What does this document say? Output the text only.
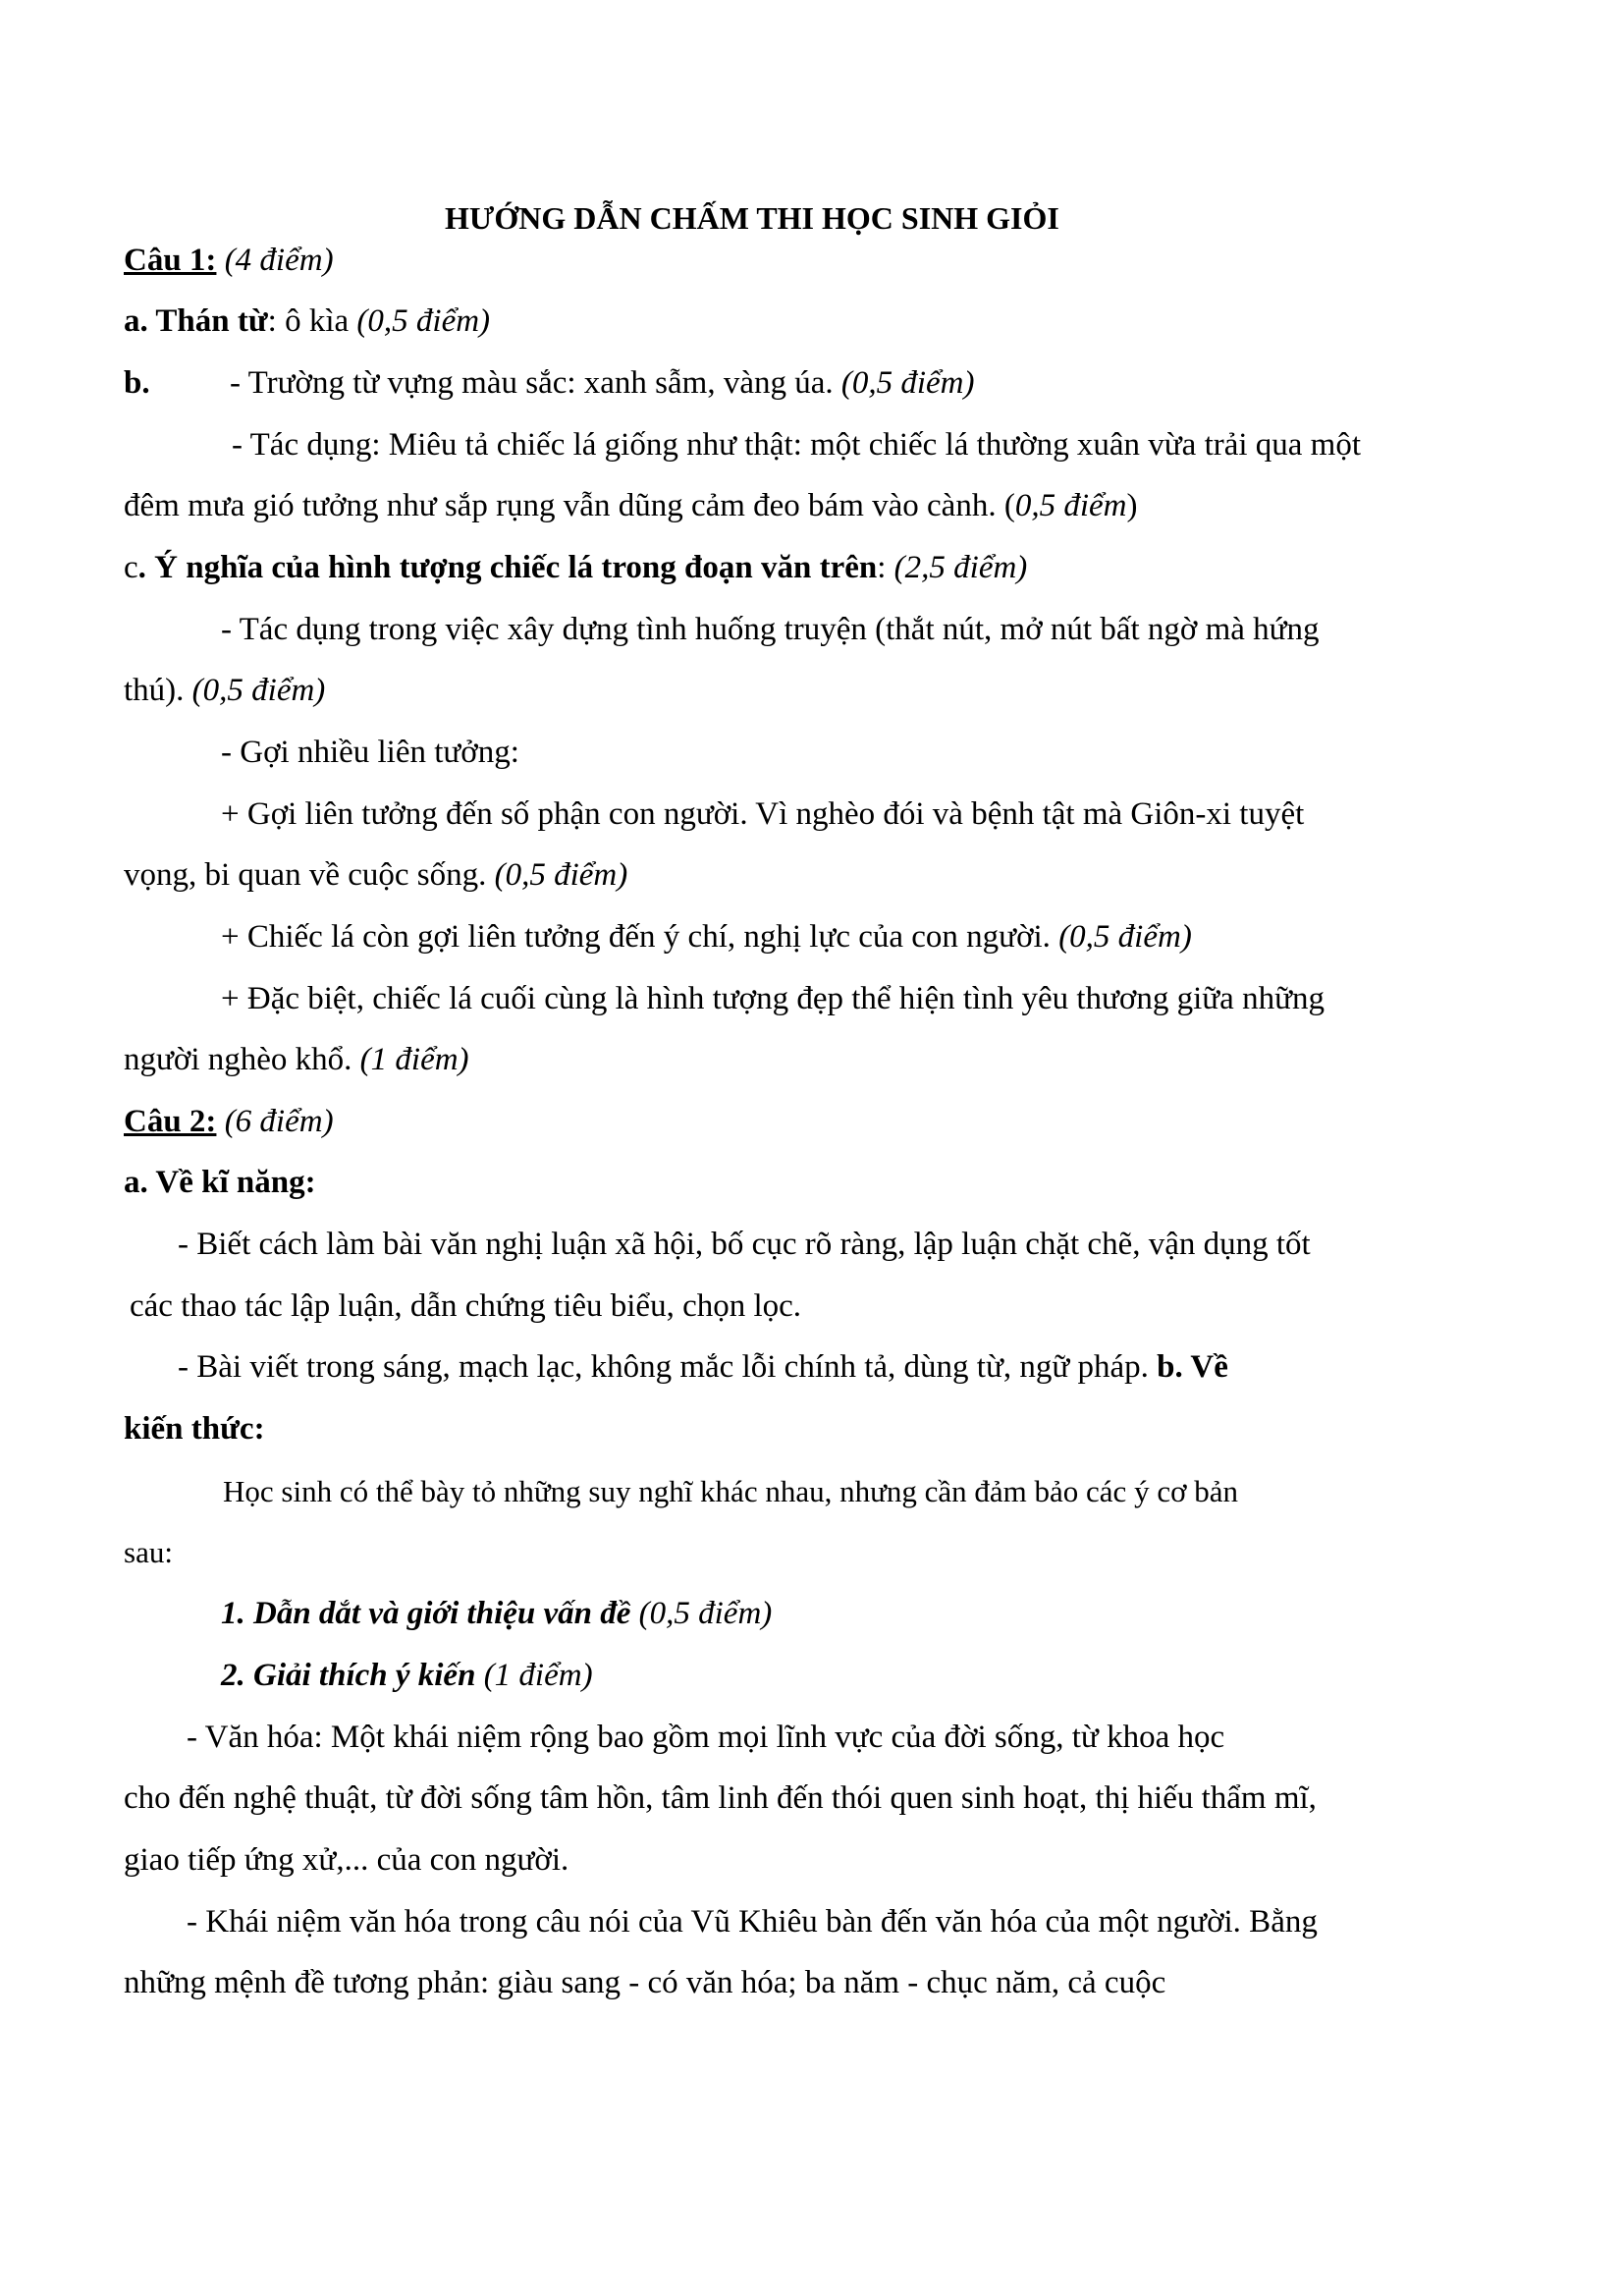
HƯỚNG DẪN CHẤM THI HỌC SINH GIỎI
Câu 1: (4 điểm)
a. Thán từ: ô kìa (0,5 điểm)
b. - Trường từ vựng màu sắc: xanh sẫm, vàng úa. (0,5 điểm)
- Tác dụng: Miêu tả chiếc lá giống như thật: một chiếc lá thường xuân vừa trải qua một
đêm mưa gió tưởng như sắp rụng vẫn dũng cảm đeo bám vào cành. (0,5 điểm)
c. Ý nghĩa của hình tượng chiếc lá trong đoạn văn trên: (2,5 điểm)
- Tác dụng trong việc xây dựng tình huống truyện (thắt nút, mở nút bất ngờ mà hứng
thú). (0,5 điểm)
- Gợi nhiều liên tưởng:
+ Gợi liên tưởng đến số phận con người. Vì nghèo đói và bệnh tật mà Giôn-xi tuyệt
vọng, bi quan về cuộc sống. (0,5 điểm)
+ Chiếc lá còn gợi liên tưởng đến ý chí, nghị lực của con người. (0,5 điểm)
+ Đặc biệt, chiếc lá cuối cùng là hình tượng đẹp thể hiện tình yêu thương giữa những
người nghèo khổ. (1 điểm)
Câu 2: (6 điểm)
a. Về kĩ năng:
- Biết cách làm bài văn nghị luận xã hội, bố cục rõ ràng, lập luận chặt chẽ, vận dụng tốt
các thao tác lập luận, dẫn chứng tiêu biểu, chọn lọc.
- Bài viết trong sáng, mạch lạc, không mắc lỗi chính tả, dùng từ, ngữ pháp. b. Về
kiến thức:
Học sinh có thể bày tỏ những suy nghĩ khác nhau, nhưng cần đảm bảo các ý cơ bản
sau:
1. Dẫn dắt và giới thiệu vấn đề (0,5 điểm)
2. Giải thích ý kiến (1 điểm)
- Văn hóa: Một khái niệm rộng bao gồm mọi lĩnh vực của đời sống, từ khoa học
cho đến nghệ thuật, từ đời sống tâm hồn, tâm linh đến thói quen sinh hoạt, thị hiếu thẩm mĩ,
giao tiếp ứng xử,... của con người.
- Khái niệm văn hóa trong câu nói của Vũ Khiêu bàn đến văn hóa của một người. Bằng
những mệnh đề tương phản: giàu sang - có văn hóa; ba năm - chục năm, cả cuộc
